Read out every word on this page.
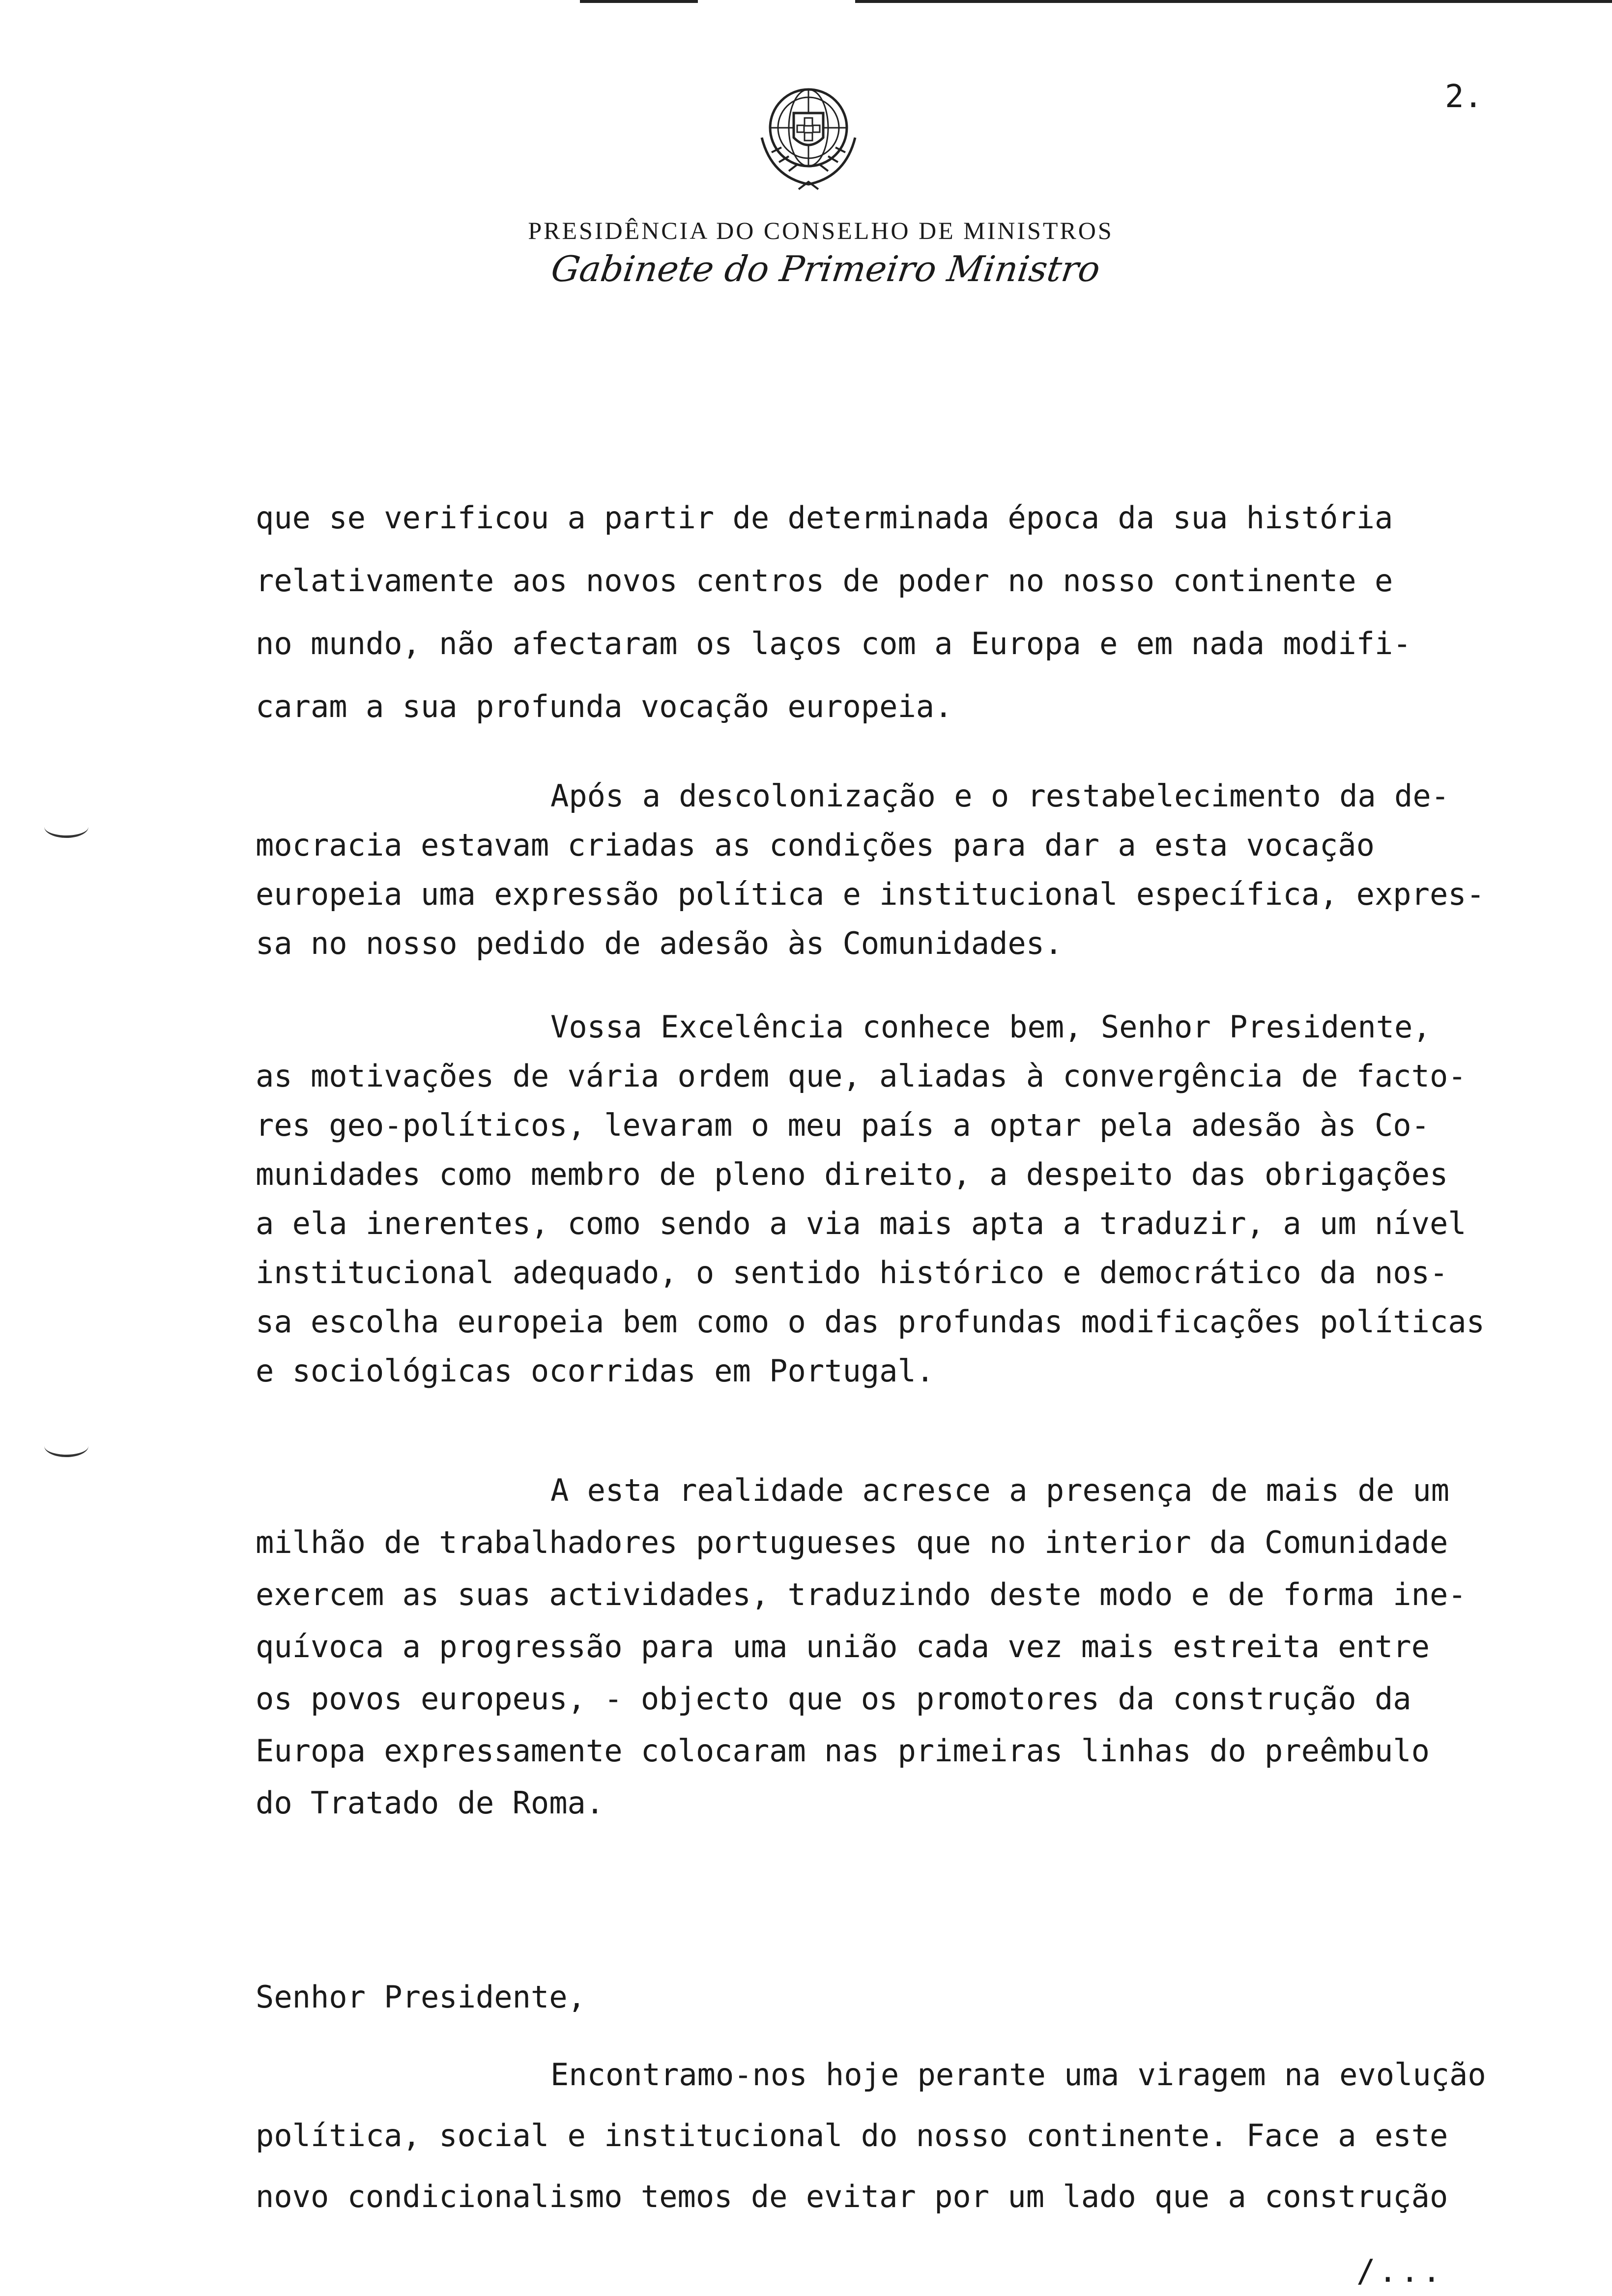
2.
PRESIDÊNCIA DO CONSELHO DE MINISTROS
Gabinete do Primeiro Ministro
que se verificou a partir de determinada época da sua história
relativamente aos novos centros de poder no nosso continente e
no mundo, não afectaram os laços com a Europa e em nada modifi-
caram a sua profunda vocação europeia.
Após a descolonização e o restabelecimento da de-
mocracia estavam criadas as condições para dar a esta vocação
europeia uma expressão política e institucional específica, expres-
sa no nosso pedido de adesão às Comunidades.
Vossa Excelência conhece bem, Senhor Presidente,
as motivações de vária ordem que, aliadas à convergência de facto-
res geo-políticos, levaram o meu país a optar pela adesão às Co-
munidades como membro de pleno direito, a despeito das obrigações
a ela inerentes, como sendo a via mais apta a traduzir, a um nível
institucional adequado, o sentido histórico e democrático da nos-
sa escolha europeia bem como o das profundas modificações políticas
e sociológicas ocorridas em Portugal.
A esta realidade acresce a presença de mais de um
milhão de trabalhadores portugueses que no interior da Comunidade
exercem as suas actividades, traduzindo deste modo e de forma ine-
quívoca a progressão para uma união cada vez mais estreita entre
os povos europeus, - objecto que os promotores da construção da
Europa expressamente colocaram nas primeiras linhas do preêmbulo
do Tratado de Roma.
Senhor Presidente,
Encontramo-nos hoje perante uma viragem na evolução
política, social e institucional do nosso continente. Face a este
novo condicionalismo temos de evitar por um lado que a construção
/...
